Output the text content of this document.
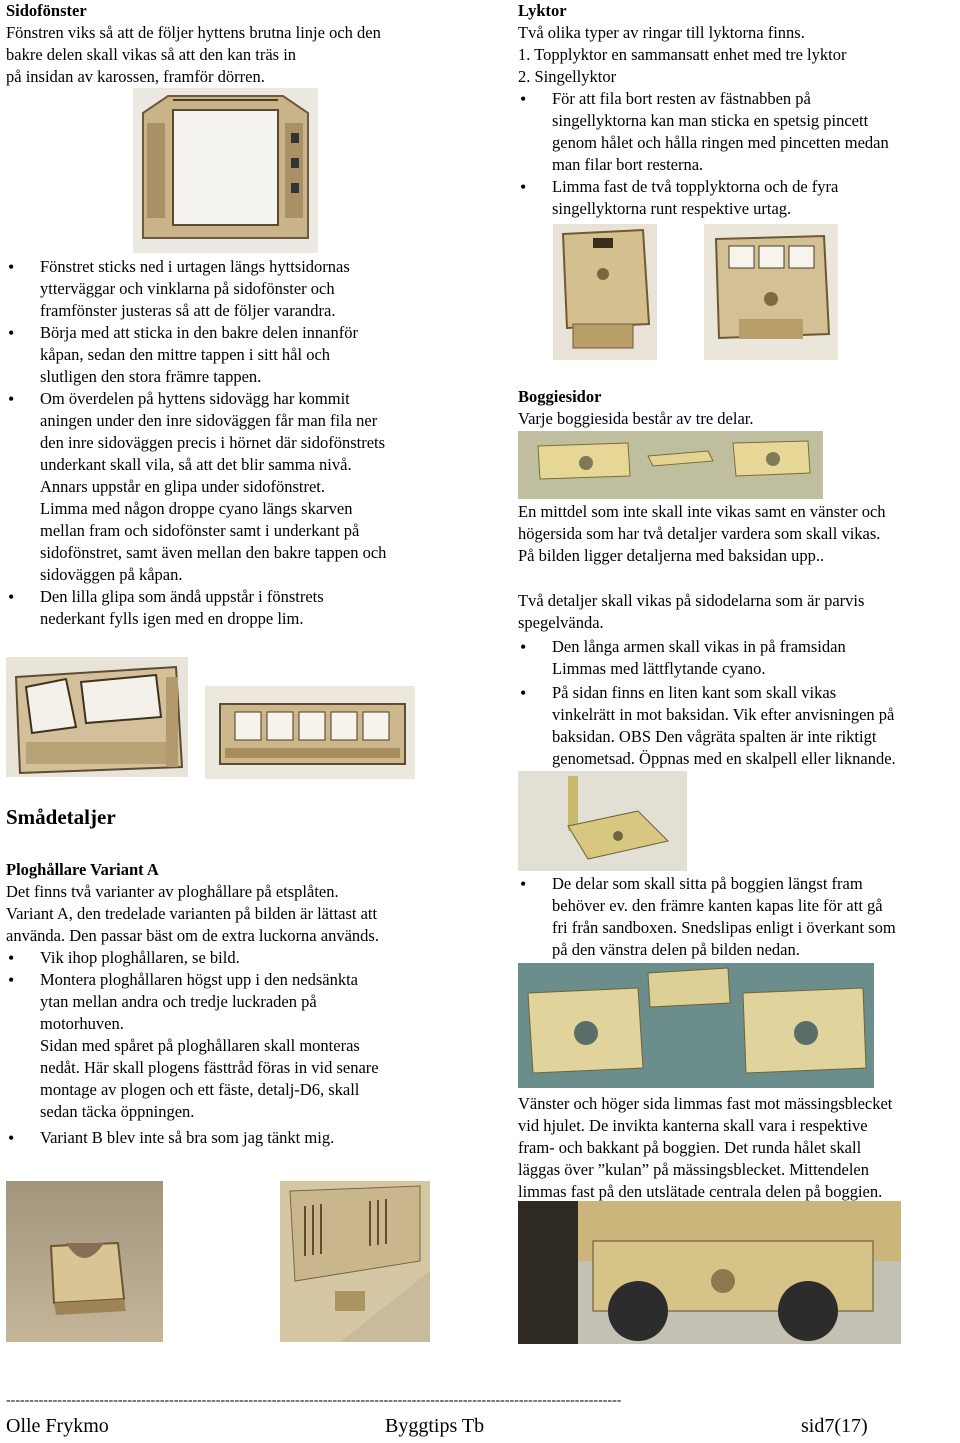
Sidofönster
Fönstren viks så att de följer hyttens brutna linje och den
bakre delen skall vikas så att den kan träs in
på insidan av karossen, framför dörren.
• Fönstret sticks ned i urtagen längs hyttsidornas
ytterväggar och vinklarna på sidofönster och
framfönster justeras så att de följer varandra.
• Börja med att sticka in den bakre delen innanför
kåpan, sedan den mittre tappen i sitt hål och
slutligen den stora främre tappen.
• Om överdelen på hyttens sidovägg har kommit
aningen under den inre sidoväggen får man fila ner
den inre sidoväggen precis i hörnet där sidofönstrets
underkant skall vila, så att det blir samma nivå.
Annars uppstår en glipa under sidofönstret.
Limma med någon droppe cyano längs skarven
mellan fram och sidofönster samt i underkant på
sidofönstret, samt även mellan den bakre tappen och
sidoväggen på kåpan.
• Den lilla glipa som ändå uppstår i fönstrets
nederkant fylls igen med en droppe lim.
Smådetaljer
Ploghållare Variant A
Det finns två varianter av ploghållare på etsplåten.
Variant A, den tredelade varianten på bilden är lättast att
använda. Den passar bäst om de extra luckorna används.
• Vik ihop ploghållaren, se bild.
• Montera ploghållaren högst upp i den nedsänkta
ytan mellan andra och tredje luckraden på
motorhuven.
Sidan med spåret på ploghållaren skall monteras
nedåt. Här skall plogens fästtråd föras in vid senare
montage av plogen och ett fäste, detalj-D6, skall
sedan täcka öppningen.
• Variant B blev inte så bra som jag tänkt mig.
Lyktor
Två olika typer av ringar till lyktorna finns.
1. Topplyktor en sammansatt enhet med tre lyktor
2. Singellyktor
• För att fila bort resten av fästnabben på
singellyktorna kan man sticka en spetsig pincett
genom hålet och hålla ringen med pincetten medan
man filar bort resterna.
• Limma fast de två topplyktorna och de fyra
singellyktorna runt respektive urtag.
Boggiesidor
Varje boggiesida består av tre delar.
En mittdel som inte skall inte vikas samt en vänster och
högersida som har två detaljer vardera som skall vikas.
På bilden ligger detaljerna med baksidan upp..
Två detaljer skall vikas på sidodelarna som är parvis
spegelvända.
• Den långa armen skall vikas in på framsidan
Limmas med lättflytande cyano.
• På sidan finns en liten kant som skall vikas
vinkelrätt in mot baksidan. Vik efter anvisningen på
baksidan. OBS Den vågräta spalten är inte riktigt
genometsad. Öppnas med en skalpell eller liknande.
• De delar som skall sitta på boggien längst fram
behöver ev. den främre kanten kapas lite för att gå
fri från sandboxen. Snedslipas enligt i överkant som
på den vänstra delen på bilden nedan.
Vänster och höger sida limmas fast mot mässingsblecket
vid hjulet. De invikta kanterna skall vara i respektive
fram- och bakkant på boggien. Det runda hålet skall
läggas över ”kulan” på mässingsblecket. Mittendelen
limmas fast på den utslätade centrala delen på boggien.
------------------------------------------------------------------------------------------------------------------------------------
Olle Frykmo	Byggtips Tb	sid7(17)
